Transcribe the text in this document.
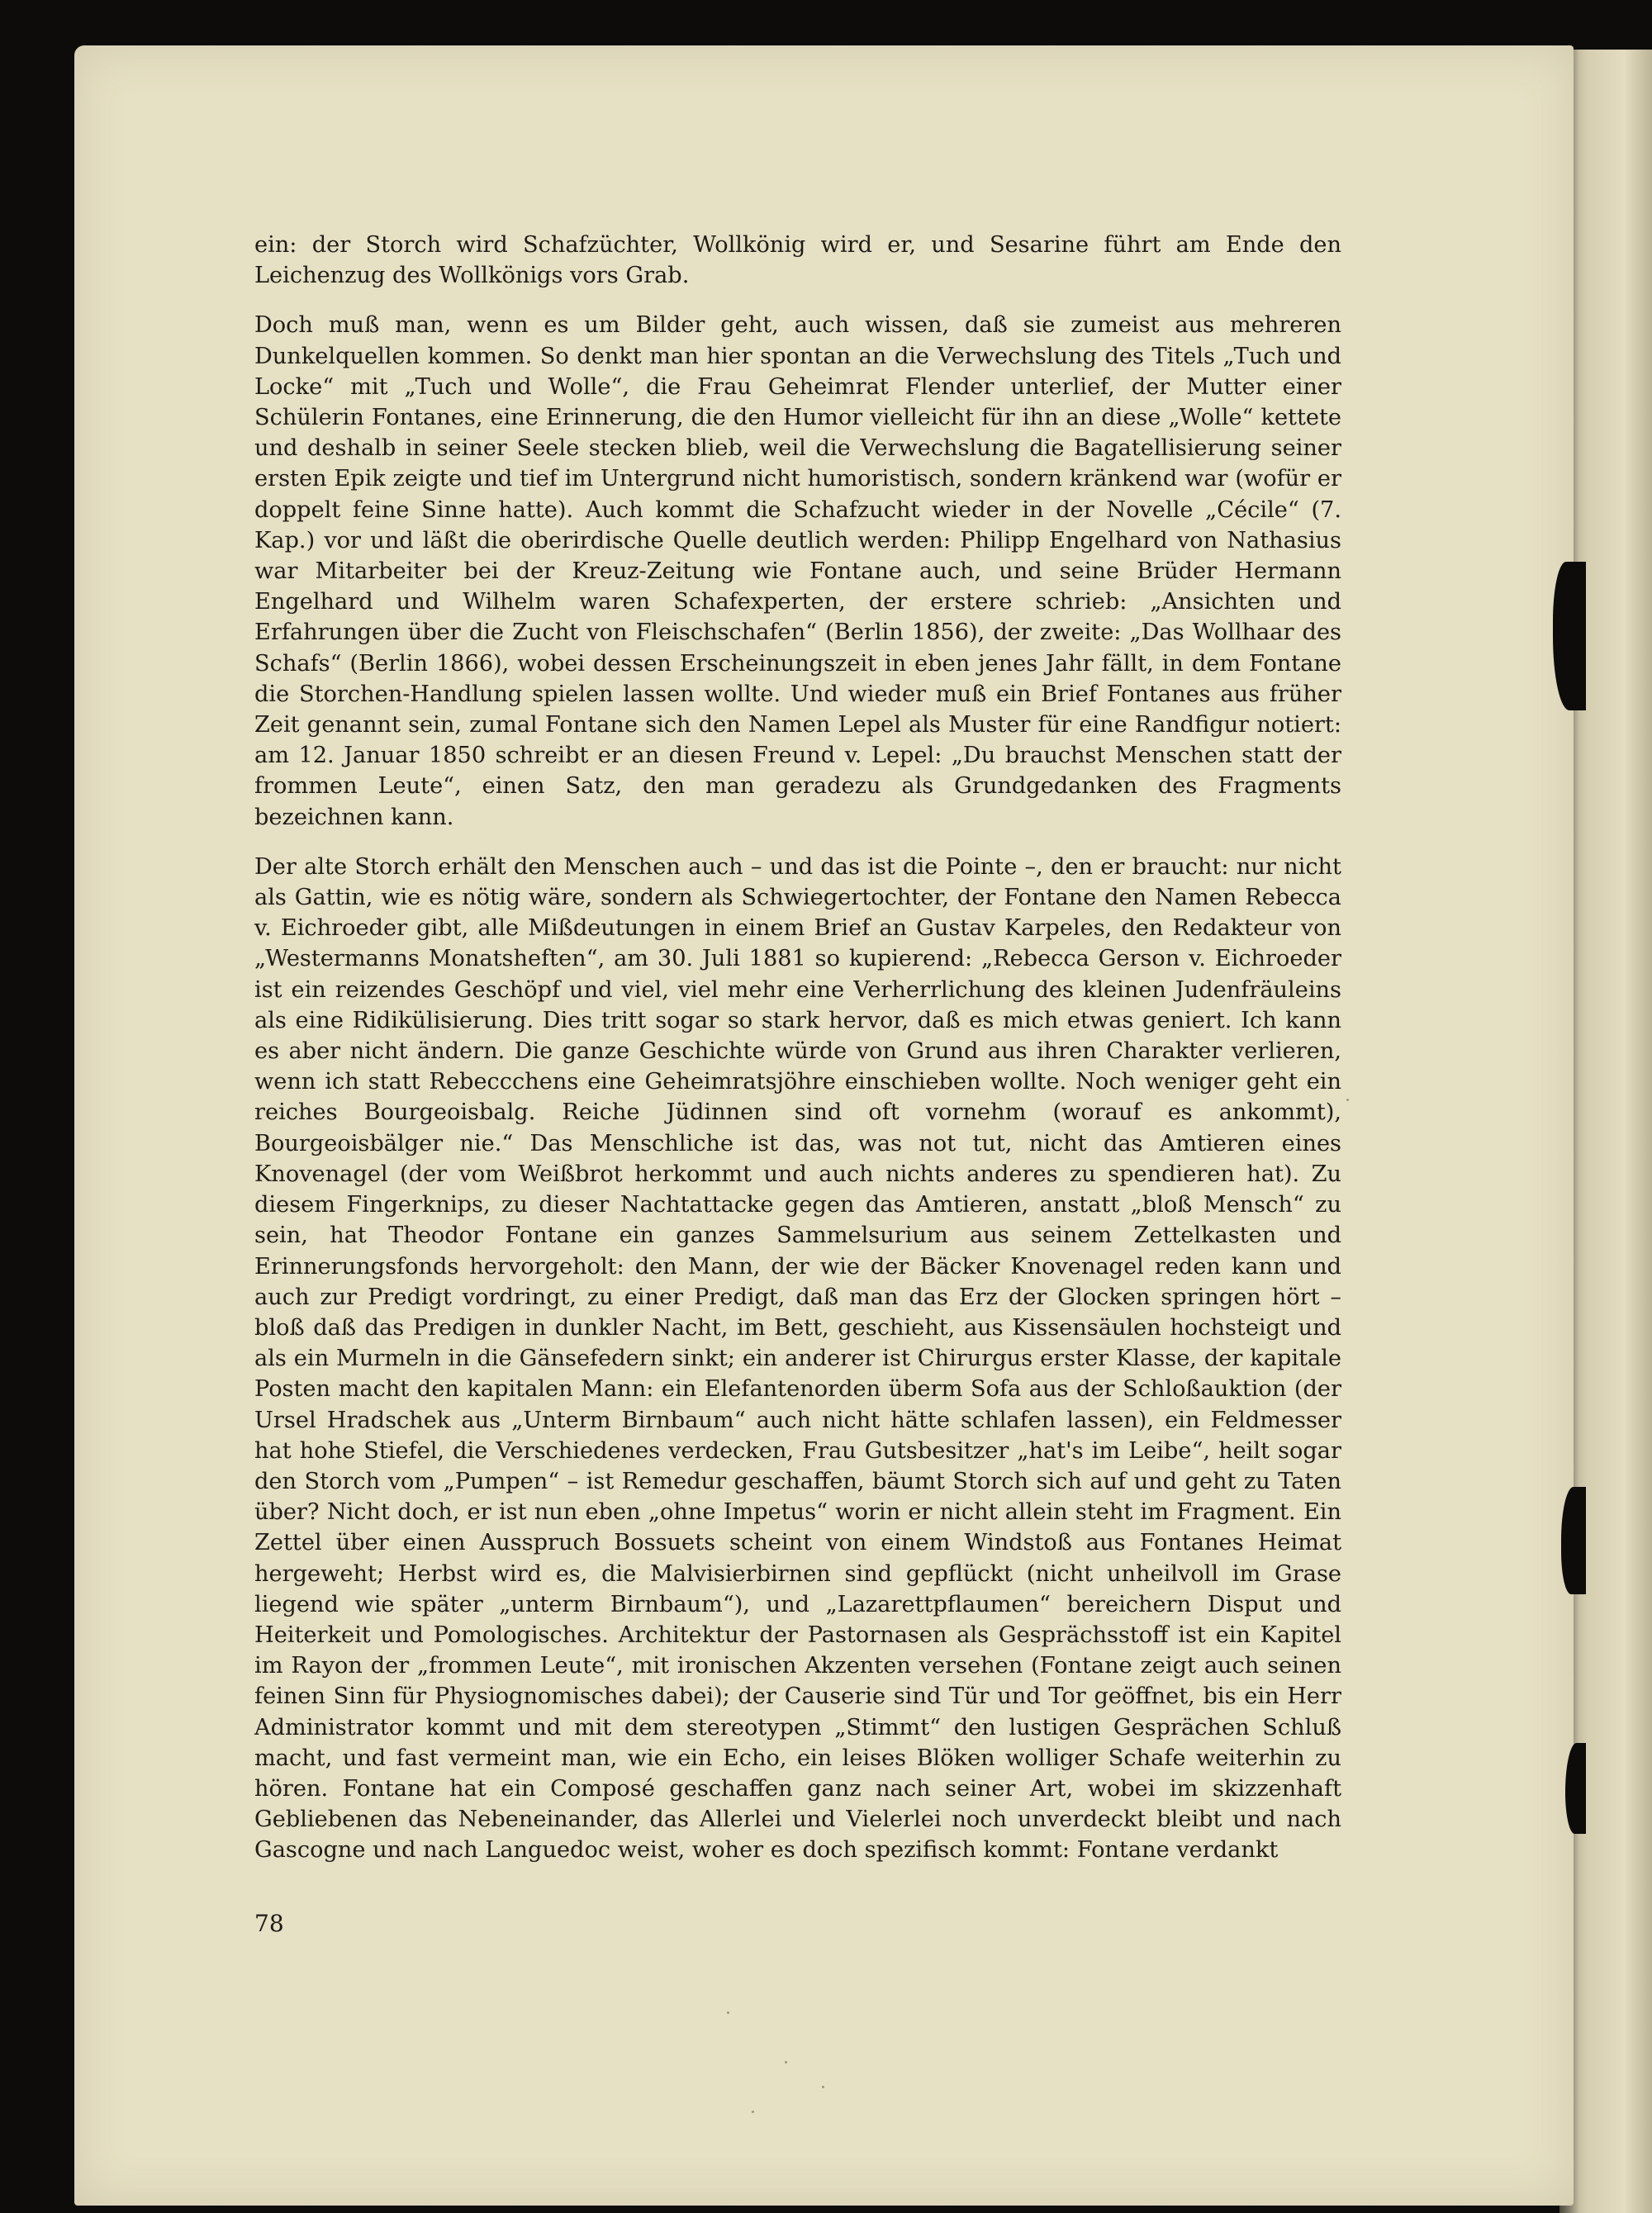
ein: der Storch wird Schafzüchter, Wollkönig wird er, und Sesarine führt am Ende den Leichenzug des Wollkönigs vors Grab.

Doch muß man, wenn es um Bilder geht, auch wissen, daß sie zumeist aus mehreren Dunkelquellen kommen. So denkt man hier spontan an die Verwechslung des Titels „Tuch und Locke“ mit „Tuch und Wolle“, die Frau Geheimrat Flender unterlief, der Mutter einer Schülerin Fontanes, eine Erinnerung, die den Humor vielleicht für ihn an diese „Wolle“ kettete und deshalb in seiner Seele stecken blieb, weil die Verwechslung die Bagatellisierung seiner ersten Epik zeigte und tief im Untergrund nicht humoristisch, sondern kränkend war (wofür er doppelt feine Sinne hatte). Auch kommt die Schafzucht wieder in der Novelle „Cécile“ (7. Kap.) vor und läßt die oberirdische Quelle deutlich werden: Philipp Engelhard von Nathasius war Mitarbeiter bei der Kreuz-Zeitung wie Fontane auch, und seine Brüder Hermann Engelhard und Wilhelm waren Schafexperten, der erstere schrieb: „Ansichten und Erfahrungen über die Zucht von Fleischschafen“ (Berlin 1856), der zweite: „Das Wollhaar des Schafs“ (Berlin 1866), wobei dessen Erscheinungszeit in eben jenes Jahr fällt, in dem Fontane die Storchen-Handlung spielen lassen wollte. Und wieder muß ein Brief Fontanes aus früher Zeit genannt sein, zumal Fontane sich den Namen Lepel als Muster für eine Randfigur notiert: am 12. Januar 1850 schreibt er an diesen Freund v. Lepel: „Du brauchst Menschen statt der frommen Leute“, einen Satz, den man geradezu als Grundgedanken des Fragments bezeichnen kann.

Der alte Storch erhält den Menschen auch – und das ist die Pointe –, den er braucht: nur nicht als Gattin, wie es nötig wäre, sondern als Schwiegertochter, der Fontane den Namen Rebecca v. Eichroeder gibt, alle Mißdeutungen in einem Brief an Gustav Karpeles, den Redakteur von „Westermanns Monatsheften“, am 30. Juli 1881 so kupierend: „Rebecca Gerson v. Eichroeder ist ein reizendes Geschöpf und viel, viel mehr eine Verherrlichung des kleinen Judenfräuleins als eine Ridikülisierung. Dies tritt sogar so stark hervor, daß es mich etwas geniert. Ich kann es aber nicht ändern. Die ganze Geschichte würde von Grund aus ihren Charakter verlieren, wenn ich statt Rebeccchens eine Geheimratsjöhre einschieben wollte. Noch weniger geht ein reiches Bourgeoisbalg. Reiche Jüdinnen sind oft vornehm (worauf es ankommt), Bourgeoisbälger nie.“ Das Menschliche ist das, was not tut, nicht das Amtieren eines Knovenagel (der vom Weißbrot herkommt und auch nichts anderes zu spendieren hat). Zu diesem Fingerknips, zu dieser Nachtattacke gegen das Amtieren, anstatt „bloß Mensch“ zu sein, hat Theodor Fontane ein ganzes Sammelsurium aus seinem Zettelkasten und Erinnerungsfonds hervorgeholt: den Mann, der wie der Bäcker Knovenagel reden kann und auch zur Predigt vordringt, zu einer Predigt, daß man das Erz der Glocken springen hört – bloß daß das Predigen in dunkler Nacht, im Bett, geschieht, aus Kissensäulen hochsteigt und als ein Murmeln in die Gänsefedern sinkt; ein anderer ist Chirurgus erster Klasse, der kapitale Posten macht den kapitalen Mann: ein Elefantenorden überm Sofa aus der Schloßauktion (der Ursel Hradschek aus „Unterm Birnbaum“ auch nicht hätte schlafen lassen), ein Feldmesser hat hohe Stiefel, die Verschiedenes verdecken, Frau Gutsbesitzer „hat's im Leibe“, heilt sogar den Storch vom „Pumpen“ – ist Remedur geschaffen, bäumt Storch sich auf und geht zu Taten über? Nicht doch, er ist nun eben „ohne Impetus“ worin er nicht allein steht im Fragment. Ein Zettel über einen Ausspruch Bossuets scheint von einem Windstoß aus Fontanes Heimat hergeweht; Herbst wird es, die Malvisierbirnen sind gepflückt (nicht unheilvoll im Grase liegend wie später „unterm Birnbaum“), und „Lazarettpflaumen“ bereichern Disput und Heiterkeit und Pomologisches. Architektur der Pastornasen als Gesprächsstoff ist ein Kapitel im Rayon der „frommen Leute“, mit ironischen Akzenten versehen (Fontane zeigt auch seinen feinen Sinn für Physiognomisches dabei); der Causerie sind Tür und Tor geöffnet, bis ein Herr Administrator kommt und mit dem stereotypen „Stimmt“ den lustigen Gesprächen Schluß macht, und fast vermeint man, wie ein Echo, ein leises Blöken wolliger Schafe weiterhin zu hören. Fontane hat ein Composé geschaffen ganz nach seiner Art, wobei im skizzenhaft Gebliebenen das Nebeneinander, das Allerlei und Vielerlei noch unverdeckt bleibt und nach Gascogne und nach Languedoc weist, woher es doch spezifisch kommt: Fontane verdankt

78
